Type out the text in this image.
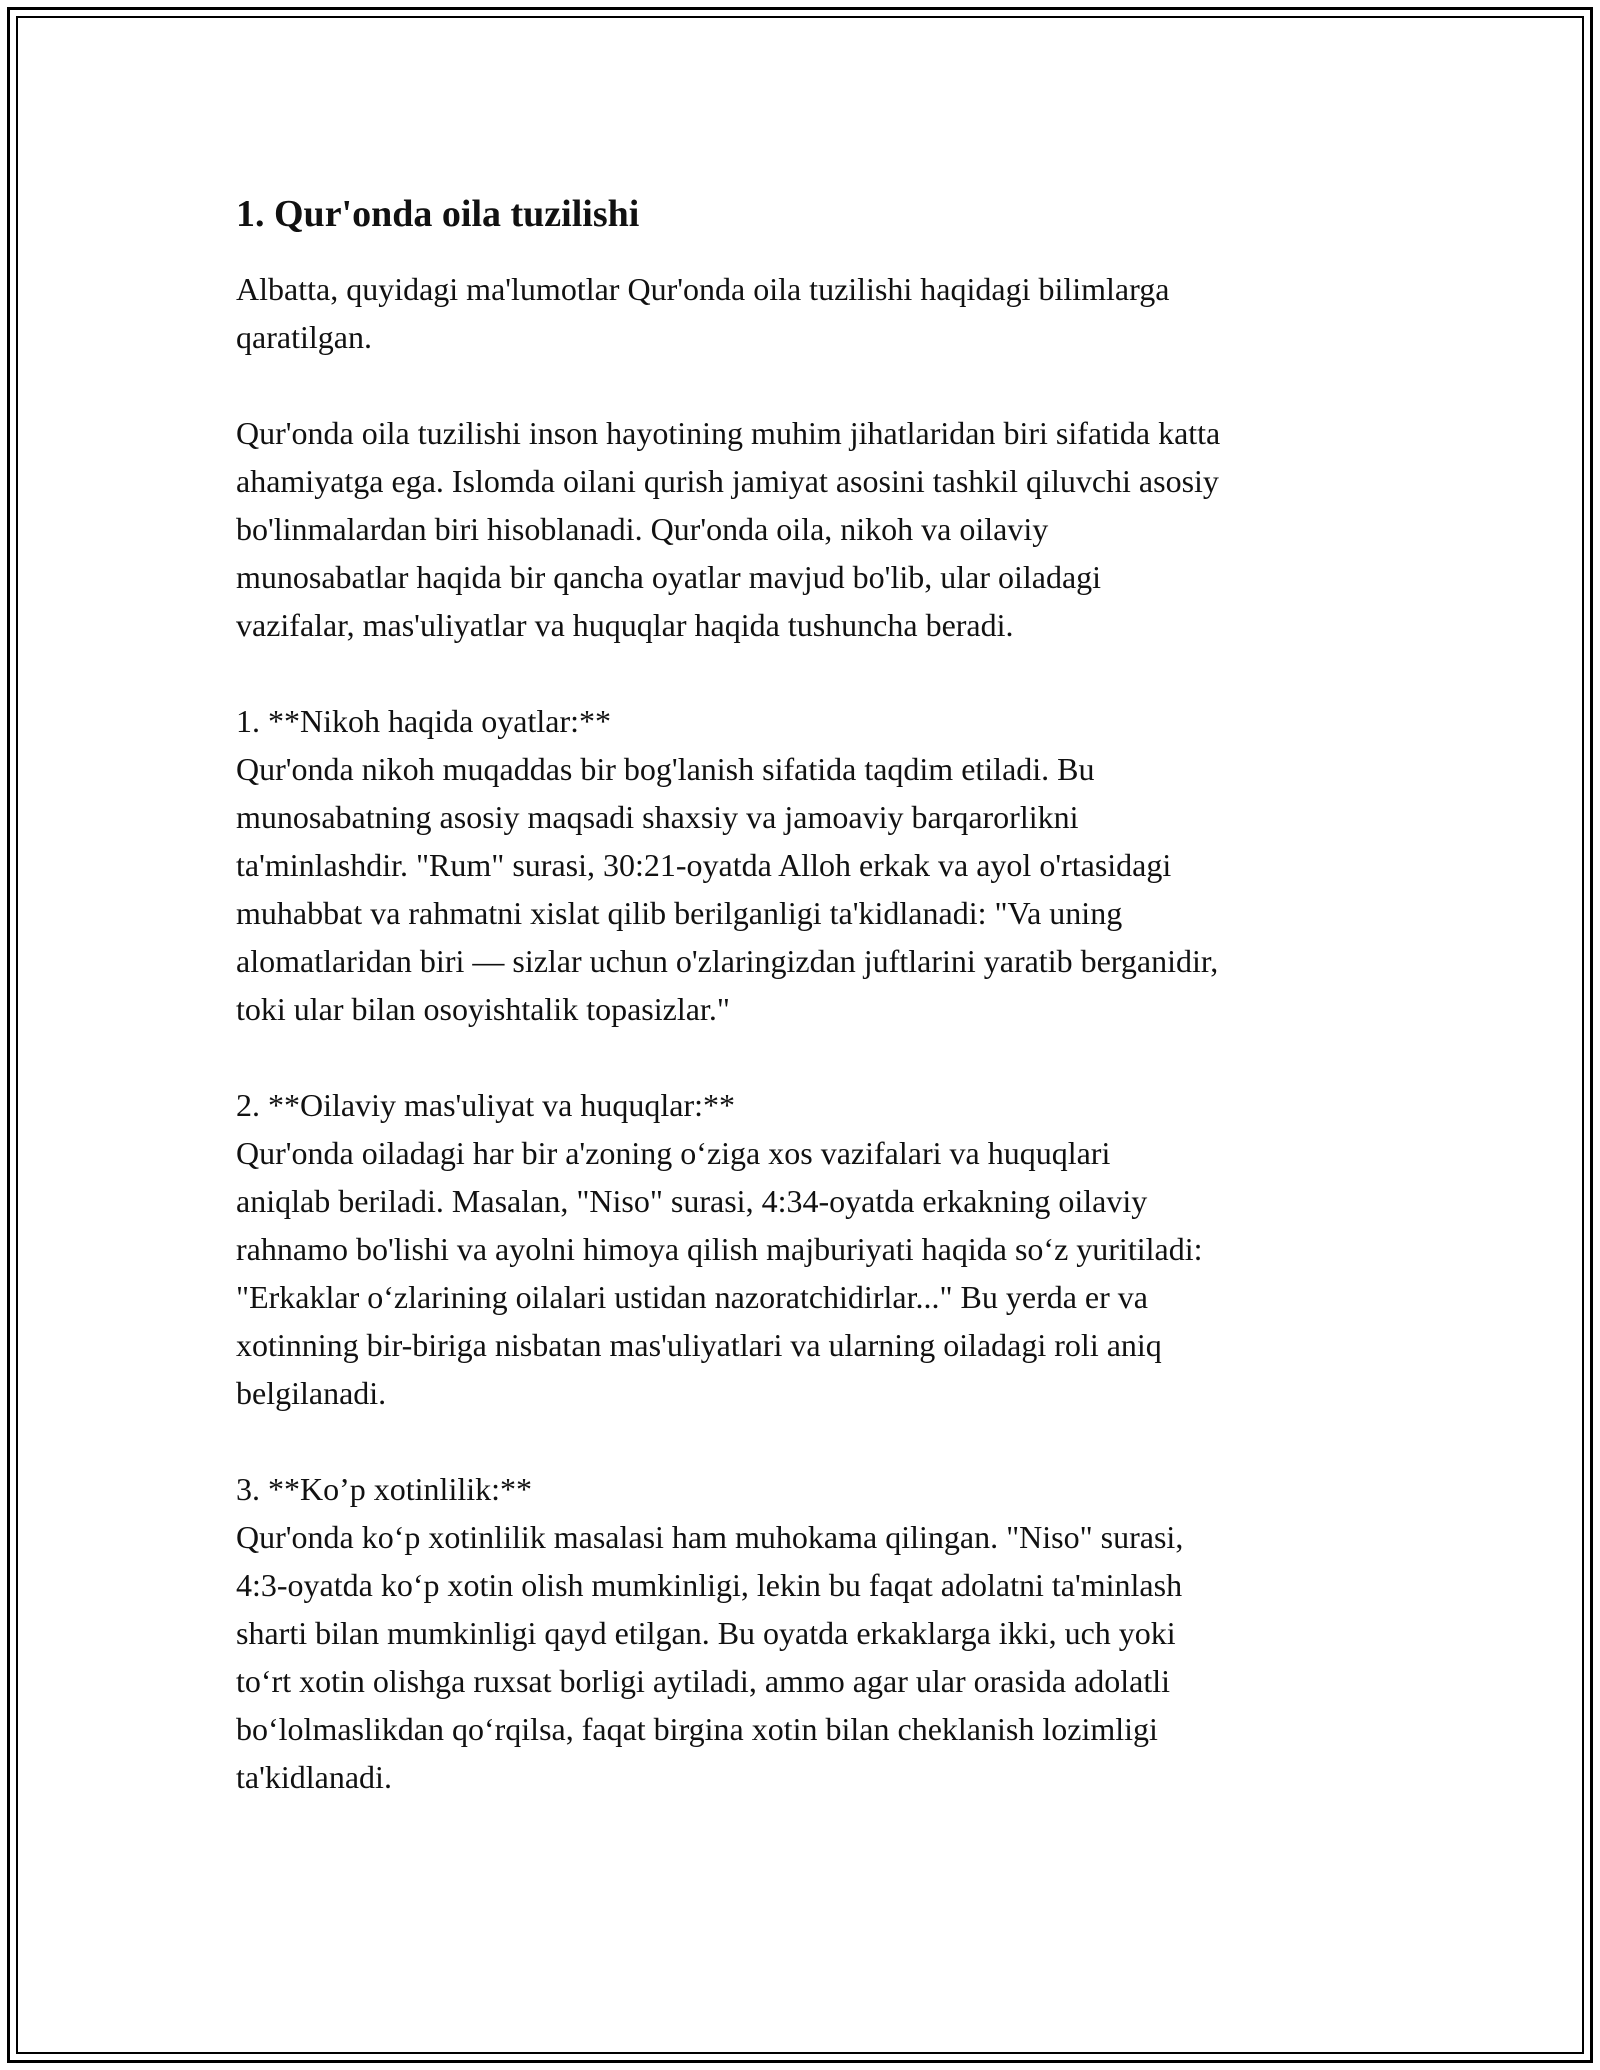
1. Qur'onda oila tuzilishi

Albatta, quyidagi ma'lumotlar Qur'onda oila tuzilishi haqidagi bilimlarga
qaratilgan.

Qur'onda oila tuzilishi inson hayotining muhim jihatlaridan biri sifatida katta
ahamiyatga ega. Islomda oilani qurish jamiyat asosini tashkil qiluvchi asosiy
bo'linmalardan biri hisoblanadi. Qur'onda oila, nikoh va oilaviy
munosabatlar haqida bir qancha oyatlar mavjud bo'lib, ular oiladagi
vazifalar, mas'uliyatlar va huquqlar haqida tushuncha beradi.

1. **Nikoh haqida oyatlar:**

Qur'onda nikoh muqaddas bir bog'lanish sifatida taqdim etiladi. Bu
munosabatning asosiy maqsadi shaxsiy va jamoaviy barqarorlikni
ta'minlashdir. "Rum" surasi, 30:21-oyatda Alloh erkak va ayol o'rtasidagi
muhabbat va rahmatni xislat qilib berilganligi ta'kidlanadi: "Va uning
alomatlaridan biri — sizlar uchun o'zlaringizdan juftlarini yaratib berganidir,
toki ular bilan osoyishtalik topasizlar."

2. **Oilaviy mas'uliyat va huquqlar:**

Qur'onda oiladagi har bir a'zoning o‘ziga xos vazifalari va huquqlari
aniqlab beriladi. Masalan, "Niso" surasi, 4:34-oyatda erkakning oilaviy
rahnamo bo'lishi va ayolni himoya qilish majburiyati haqida so‘z yuritiladi:
"Erkaklar o‘zlarining oilalari ustidan nazoratchidirlar..." Bu yerda er va
xotinning bir-biriga nisbatan mas'uliyatlari va ularning oiladagi roli aniq
belgilanadi.

3. **Ko’p xotinlilik:**

Qur'onda ko‘p xotinlilik masalasi ham muhokama qilingan. "Niso" surasi,
4:3-oyatda ko‘p xotin olish mumkinligi, lekin bu faqat adolatni ta'minlash
sharti bilan mumkinligi qayd etilgan. Bu oyatda erkaklarga ikki, uch yoki
to‘rt xotin olishga ruxsat borligi aytiladi, ammo agar ular orasida adolatli
bo‘lolmaslikdan qo‘rqilsa, faqat birgina xotin bilan cheklanish lozimligi
ta'kidlanadi.
